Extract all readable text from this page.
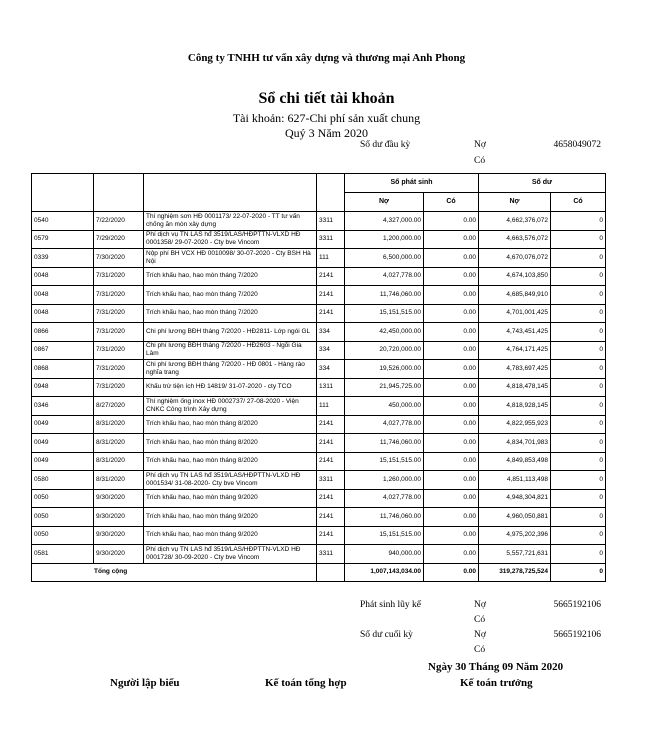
Công ty TNHH tư vấn xây dựng và thương mại Anh Phong
Sổ chi tiết tài khoản
Tài khoản: 627-Chi phí sản xuất chung
Quý 3 Năm 2020
Số dư đầu kỳ	Nợ	4658049072
Có
				Số phát sinh		Số dư	
				Nợ	Có	Nợ	Có
0540	7/22/2020	Thí nghiệm sơn HĐ 0001173/ 22-07-2020 - TT tư vấn chống ăn mòn xây dựng	3311	4,327,000.00	0.00	4,662,376,072	0
0579	7/29/2020	Phí dịch vụ TN LAS hđ 3519/LAS/HĐPTTN-VLXD HĐ 0001358/ 29-07-2020 - Cty bve Vincom	3311	1,200,000.00	0.00	4,663,576,072	0
0339	7/30/2020	Nộp phí BH VCX HĐ 0010098/ 30-07-2020 - Cty BSH Hà Nội	111	6,500,000.00	0.00	4,670,076,072	0
0048	7/31/2020	Trích khấu hao, hao mòn tháng 7/2020	2141	4,027,778.00	0.00	4,674,103,850	0
0048	7/31/2020	Trích khấu hao, hao mòn tháng 7/2020	2141	11,746,060.00	0.00	4,685,849,910	0
0048	7/31/2020	Trích khấu hao, hao mòn tháng 7/2020	2141	15,151,515.00	0.00	4,701,001,425	0
0866	7/31/2020	Chi phí lương BĐH tháng 7/2020 - HĐ2811- Lớp ngói GL	334	42,450,000.00	0.00	4,743,451,425	0
0867	7/31/2020	Chi phí lương BĐH tháng 7/2020 - HĐ2603 - Ngõi Gia Lâm	334	20,720,000.00	0.00	4,764,171,425	0
0868	7/31/2020	Chi phí lương BĐH tháng 7/2020 - HĐ 0801 - Hàng rào nghĩa trang	334	19,526,000.00	0.00	4,783,697,425	0
0948	7/31/2020	Khấu trừ tiện ích HĐ 14819/ 31-07-2020 - cty TCO	1311	21,945,725.00	0.00	4,818,478,145	0
0346	8/27/2020	Thí nghiệm ống inox HĐ 0002737/ 27-08-2020 - Viện CNKC Công trình Xây dựng	111	450,000.00	0.00	4,818,928,145	0
0049	8/31/2020	Trích khấu hao, hao mòn tháng 8/2020	2141	4,027,778.00	0.00	4,822,955,923	0
0049	8/31/2020	Trích khấu hao, hao mòn tháng 8/2020	2141	11,746,060.00	0.00	4,834,701,983	0
0049	8/31/2020	Trích khấu hao, hao mòn tháng 8/2020	2141	15,151,515.00	0.00	4,849,853,498	0
0580	8/31/2020	Phí dịch vụ TN LAS hđ 3519/LAS/HĐPTTN-VLXD HĐ 0001534/ 31-08-2020- Cty bve Vincom	3311	1,260,000.00	0.00	4,851,113,498	0
0050	9/30/2020	Trích khấu hao, hao mòn tháng 9/2020	2141	4,027,778.00	0.00	4,948,304,821	0
0050	9/30/2020	Trích khấu hao, hao mòn tháng 9/2020	2141	11,746,060.00	0.00	4,960,050,881	0
0050	9/30/2020	Trích khấu hao, hao mòn tháng 9/2020	2141	15,151,515.00	0.00	4,975,202,396	0
0581	9/30/2020	Phí dịch vụ TN LAS hđ 3519/LAS/HĐPTTN-VLXD HĐ 0001728/ 30-09-2020 - Cty bve Vincom	3311	940,000.00	0.00	5,557,721,631	0
Tổng cộng				1,007,143,034.00	0.00	319,278,725,524	0
Phát sinh lũy kế	Nợ	5665192106
Có
Số dư cuối kỳ	Nợ	5665192106
Có
Ngày 30 Tháng 09 Năm 2020
Người lập biểu	Kế toán tổng hợp	Kế toán trưởng
